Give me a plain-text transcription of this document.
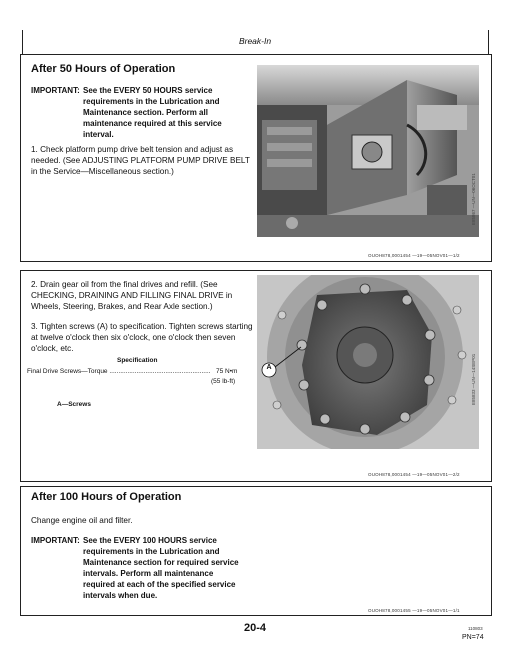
Break-In
After 50 Hours of Operation
IMPORTANT: See the EVERY 50 HOURS service requirements in the Lubrication and Maintenance section. Perform all maintenance required at this service interval.
1. Check platform pump drive belt tension and adjust as needed. (See ADJUSTING PLATFORM PUMP DRIVE BELT in the Service—Miscellaneous section.)
E85867 —UN—06OCT01
OUOH878,0001454 —19—05NOV01—1/2
2. Drain gear oil from the final drives and refill. (See CHECKING, DRAINING AND FILLING FINAL DRIVE in Wheels, Steering, Brakes, and Rear Axle section.)
3. Tighten screws (A) to specification. Tighten screws starting at twelve o'clock then six o'clock, one o'clock then seven o'clock, etc.
Specification
Final Drive Screws—Torque ........................................................ 75 N•m
(55 lb-ft)
A—Screws
A	E85833 —UN—14SEP01
OUOH878,0001454 —19—05NOV01—2/2
After 100 Hours of Operation
Change engine oil and filter.
IMPORTANT: See the EVERY 100 HOURS service requirements in the Lubrication and Maintenance section for required service intervals. Perform all maintenance required at each of the specified service intervals when due.
OUOH878,0001455 —19—05NOV01—1/1
20-4	110803
PN=74
